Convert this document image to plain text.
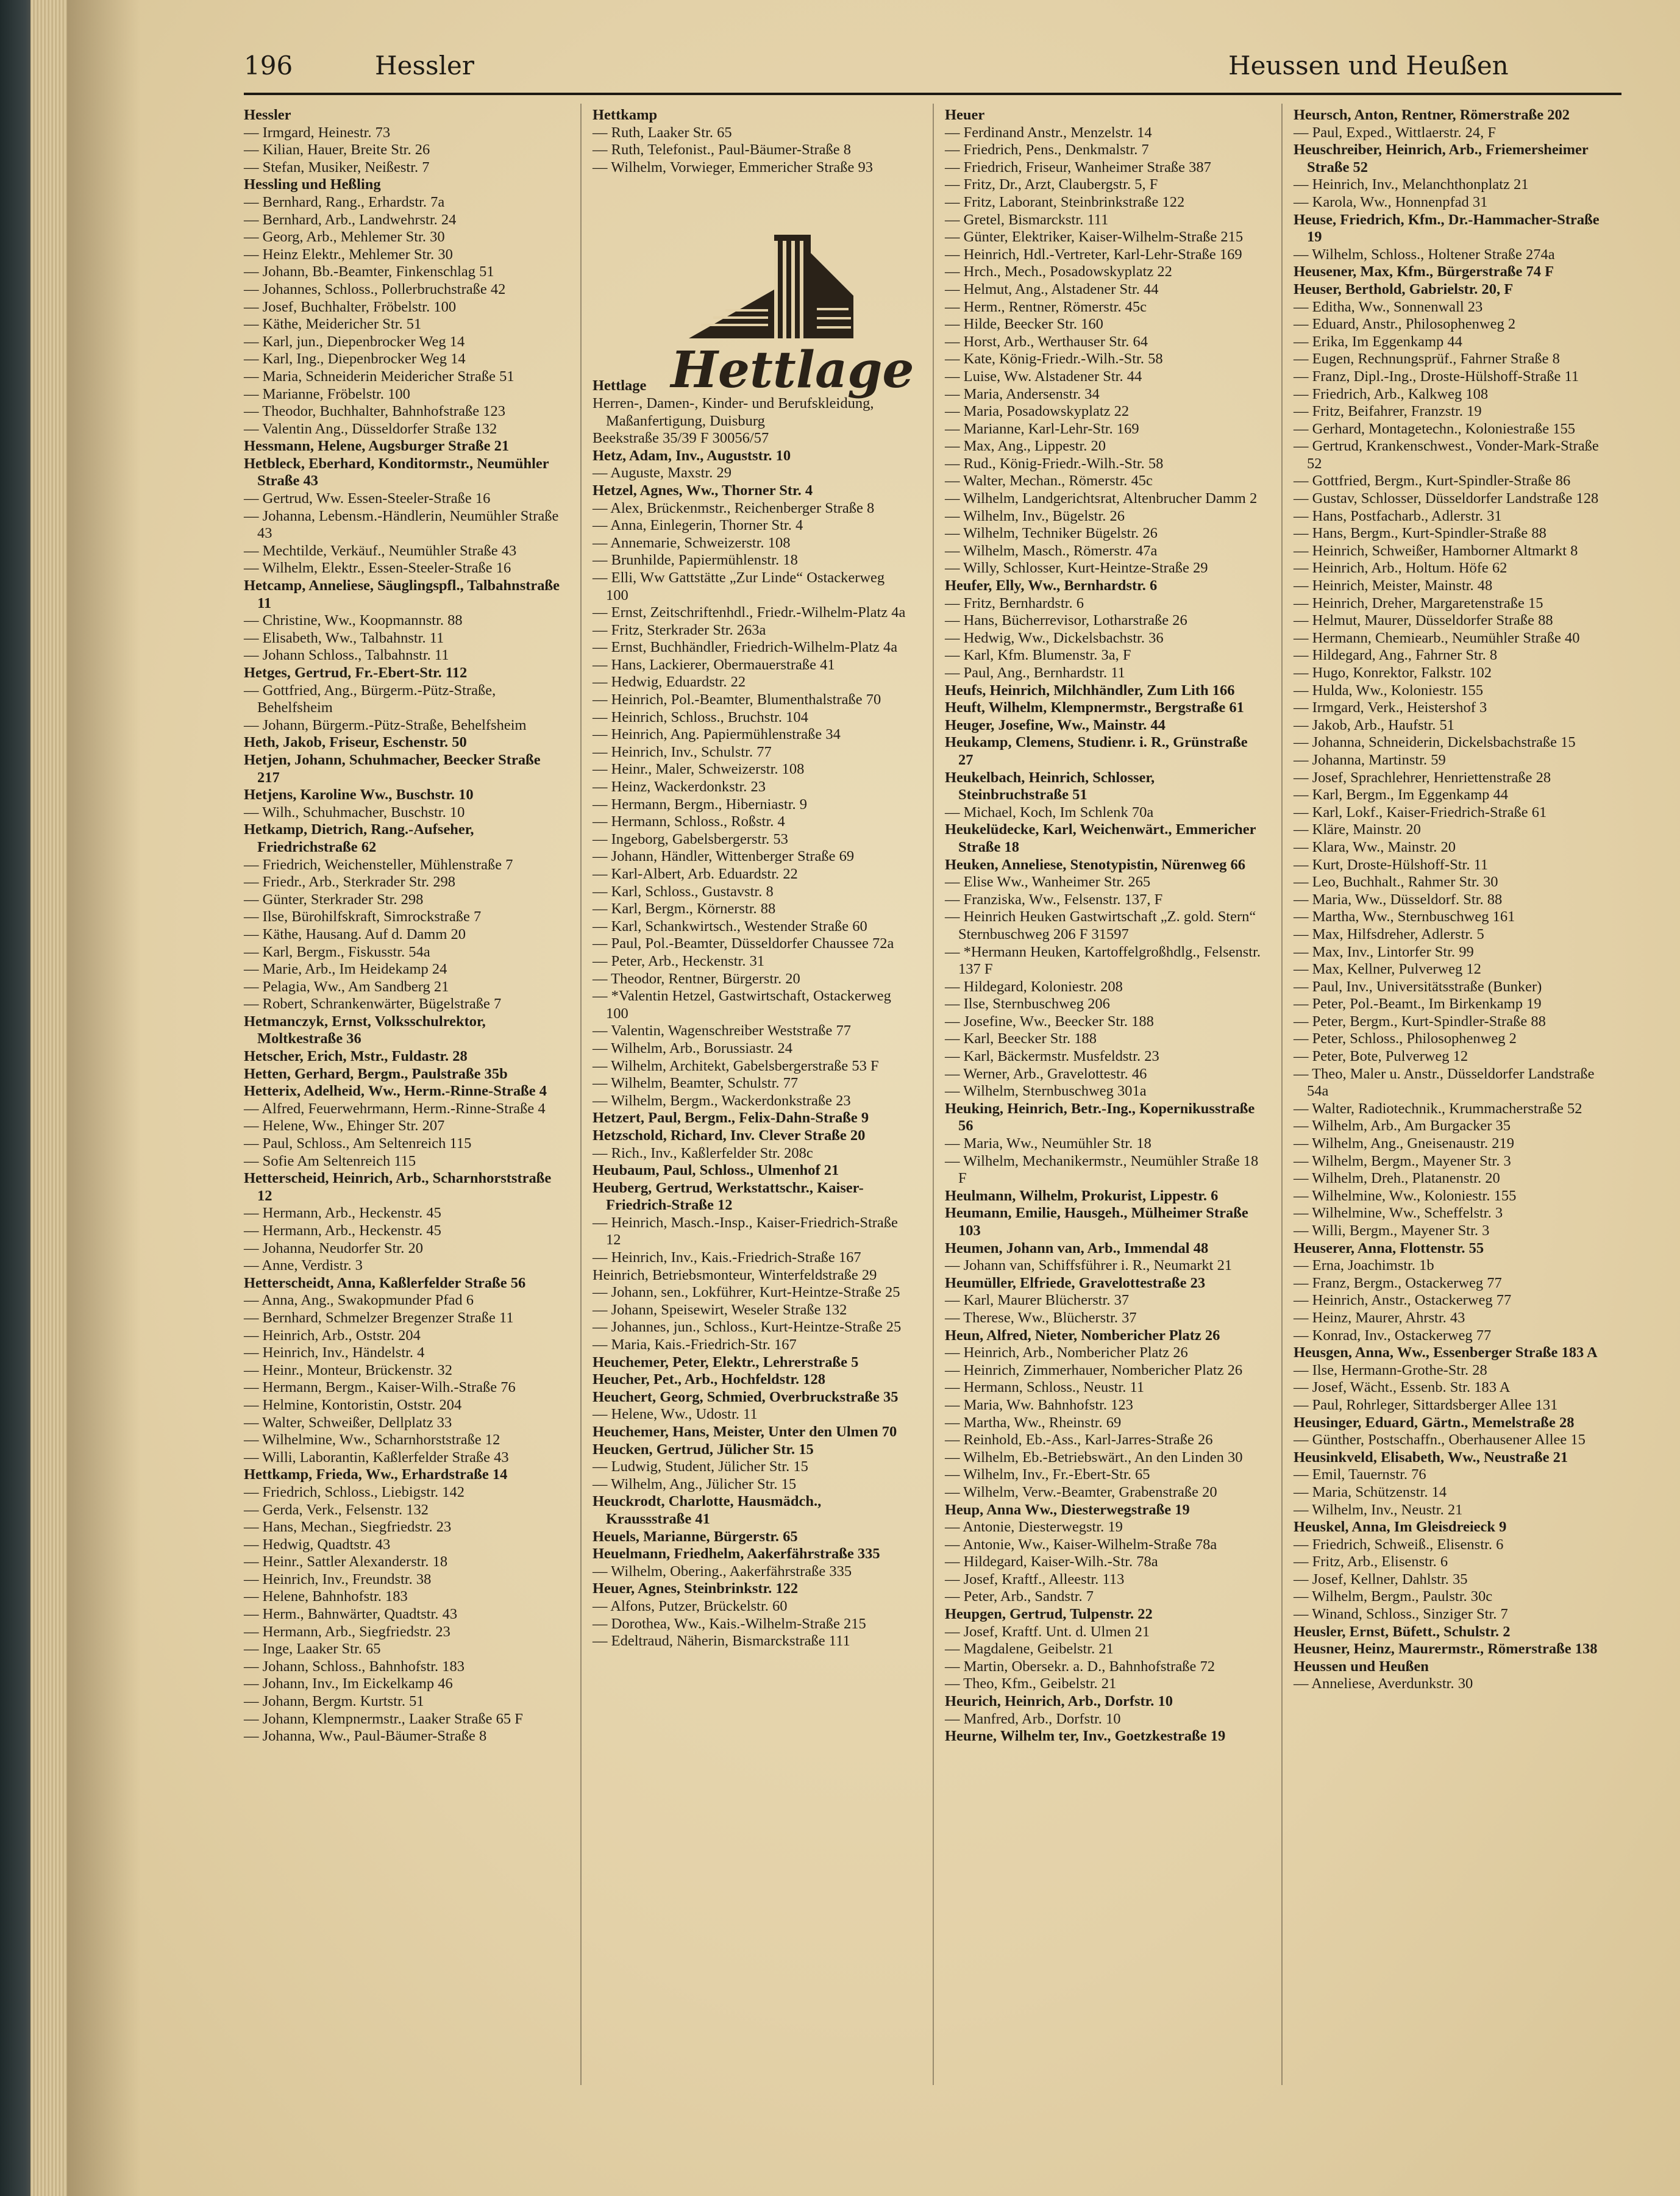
196	Hessler	Heussen und Heußen

Hessler

— Irmgard, Heinestr. 73

— Kilian, Hauer, Breite Str. 26

— Stefan, Musiker, Neißestr. 7

Hessling und Heßling

— Bernhard, Rang., Erhardstr. 7a

— Bernhard, Arb., Landwehrstr. 24

— Georg, Arb., Mehlemer Str. 30

— Heinz Elektr., Mehlemer Str. 30

— Johann, Bb.-Beamter, Finkenschlag 51

— Johannes, Schloss., Pollerbruchstraße 42

— Josef, Buchhalter, Fröbelstr. 100

— Käthe, Meidericher Str. 51

— Karl, jun., Diepenbrocker Weg 14

— Karl, Ing., Diepenbrocker Weg 14

— Maria, Schneiderin Meidericher Straße 51

— Marianne, Fröbelstr. 100

— Theodor, Buchhalter, Bahnhofstraße 123

— Valentin Ang., Düsseldorfer Straße 132

Hessmann, Helene, Augsburger Straße 21

Hetbleck, Eberhard, Konditormstr., Neumühler Straße 43

— Gertrud, Ww. Essen-Steeler-Straße 16

— Johanna, Lebensm.-Händlerin, Neumühler Straße 43

— Mechtilde, Verkäuf., Neumühler Straße 43

— Wilhelm, Elektr., Essen-Steeler-Straße 16

Hetcamp, Anneliese, Säuglingspfl., Talbahnstraße 11

— Christine, Ww., Koopmannstr. 88

— Elisabeth, Ww., Talbahnstr. 11

— Johann Schloss., Talbahnstr. 11

Hetges, Gertrud, Fr.-Ebert-Str. 112

— Gottfried, Ang., Bürgerm.-Pütz-Straße, Behelfsheim

— Johann, Bürgerm.-Pütz-Straße, Behelfsheim

Heth, Jakob, Friseur, Eschenstr. 50

Hetjen, Johann, Schuhmacher, Beecker Straße 217

Hetjens, Karoline Ww., Buschstr. 10

— Wilh., Schuhmacher, Buschstr. 10

Hetkamp, Dietrich, Rang.-Aufseher, Friedrichstraße 62

— Friedrich, Weichensteller, Mühlenstraße 7

— Friedr., Arb., Sterkrader Str. 298

— Günter, Sterkrader Str. 298

— Ilse, Bürohilfskraft, Simrockstraße 7

— Käthe, Hausang. Auf d. Damm 20

— Karl, Bergm., Fiskusstr. 54a

— Marie, Arb., Im Heidekamp 24

— Pelagia, Ww., Am Sandberg 21

— Robert, Schrankenwärter, Bügelstraße 7

Hetmanczyk, Ernst, Volksschulrektor, Moltkestraße 36

Hetscher, Erich, Mstr., Fuldastr. 28

Hetten, Gerhard, Bergm., Paulstraße 35b

Hetterix, Adelheid, Ww., Herm.-Rinne-Straße 4

— Alfred, Feuerwehrmann, Herm.-Rinne-Straße 4

— Helene, Ww., Ehinger Str. 207

— Paul, Schloss., Am Seltenreich 115

— Sofie Am Seltenreich 115

Hetterscheid, Heinrich, Arb., Scharnhorststraße 12

— Hermann, Arb., Heckenstr. 45

— Hermann, Arb., Heckenstr. 45

— Johanna, Neudorfer Str. 20

— Anne, Verdistr. 3

Hetterscheidt, Anna, Kaßlerfelder Straße 56

— Anna, Ang., Swakopmunder Pfad 6

— Bernhard, Schmelzer Bregenzer Straße 11

— Heinrich, Arb., Oststr. 204

— Heinrich, Inv., Händelstr. 4

— Heinr., Monteur, Brückenstr. 32

— Hermann, Bergm., Kaiser-Wilh.-Straße 76

— Helmine, Kontoristin, Oststr. 204

— Walter, Schweißer, Dellplatz 33

— Wilhelmine, Ww., Scharnhorststraße 12

— Willi, Laborantin, Kaßlerfelder Straße 43

Hettkamp, Frieda, Ww., Erhardstraße 14

— Friedrich, Schloss., Liebigstr. 142

— Gerda, Verk., Felsenstr. 132

— Hans, Mechan., Siegfriedstr. 23

— Hedwig, Quadtstr. 43

— Heinr., Sattler Alexanderstr. 18

— Heinrich, Inv., Freundstr. 38

— Helene, Bahnhofstr. 183

— Herm., Bahnwärter, Quadtstr. 43

— Hermann, Arb., Siegfriedstr. 23

— Inge, Laaker Str. 65

— Johann, Schloss., Bahnhofstr. 183

— Johann, Inv., Im Eickelkamp 46

— Johann, Bergm. Kurtstr. 51

— Johann, Klempnermstr., Laaker Straße 65 F

— Johanna, Ww., Paul-Bäumer-Straße 8

Hettkamp

— Ruth, Laaker Str. 65

— Ruth, Telefonist., Paul-Bäumer-Straße 8

— Wilhelm, Vorwieger, Emmericher Straße 93

Hettlage

Herren-, Damen-, Kinder- und Berufskleidung, Maßanfertigung, Duisburg

Beekstraße 35/39 F 30056/57

Hetz, Adam, Inv., Auguststr. 10

— Auguste, Maxstr. 29

Hetzel, Agnes, Ww., Thorner Str. 4

— Alex, Brückenmstr., Reichenberger Straße 8

— Anna, Einlegerin, Thorner Str. 4

— Annemarie, Schweizerstr. 108

— Brunhilde, Papiermühlenstr. 18

— Elli, Ww Gattstätte „Zur Linde“ Ostackerweg 100

— Ernst, Zeitschriftenhdl., Friedr.-Wilhelm-Platz 4a

— Fritz, Sterkrader Str. 263a

— Ernst, Buchhändler, Friedrich-Wilhelm-Platz 4a

— Hans, Lackierer, Obermauerstraße 41

— Hedwig, Eduardstr. 22

— Heinrich, Pol.-Beamter, Blumenthalstraße 70

— Heinrich, Schloss., Bruchstr. 104

— Heinrich, Ang. Papiermühlenstraße 34

— Heinrich, Inv., Schulstr. 77

— Heinr., Maler, Schweizerstr. 108

— Heinz, Wackerdonkstr. 23

— Hermann, Bergm., Hiberniastr. 9

— Hermann, Schloss., Roßstr. 4

— Ingeborg, Gabelsbergerstr. 53

— Johann, Händler, Wittenberger Straße 69

— Karl-Albert, Arb. Eduardstr. 22

— Karl, Schloss., Gustavstr. 8

— Karl, Bergm., Körnerstr. 88

— Karl, Schankwirtsch., Westender Straße 60

— Paul, Pol.-Beamter, Düsseldorfer Chaussee 72a

— Peter, Arb., Heckenstr. 31

— Theodor, Rentner, Bürgerstr. 20

— *Valentin Hetzel, Gastwirtschaft, Ostackerweg 100

— Valentin, Wagenschreiber Weststraße 77

— Wilhelm, Arb., Borussiastr. 24

— Wilhelm, Architekt, Gabelsbergerstraße 53 F

— Wilhelm, Beamter, Schulstr. 77

— Wilhelm, Bergm., Wackerdonkstraße 23

Hetzert, Paul, Bergm., Felix-Dahn-Straße 9

Hetzschold, Richard, Inv. Clever Straße 20

— Rich., Inv., Kaßlerfelder Str. 208c

Heubaum, Paul, Schloss., Ulmenhof 21

Heuberg, Gertrud, Werkstattschr., Kaiser-Friedrich-Straße 12

— Heinrich, Masch.-Insp., Kaiser-Friedrich-Straße 12

— Heinrich, Inv., Kais.-Friedrich-Straße 167

Heinrich, Betriebsmonteur, Winterfeldstraße 29

— Johann, sen., Lokführer, Kurt-Heintze-Straße 25

— Johann, Speisewirt, Weseler Straße 132

— Johannes, jun., Schloss., Kurt-Heintze-Straße 25

— Maria, Kais.-Friedrich-Str. 167

Heuchemer, Peter, Elektr., Lehrerstraße 5

Heucher, Pet., Arb., Hochfeldstr. 128

Heuchert, Georg, Schmied, Overbruckstraße 35

— Helene, Ww., Udostr. 11

Heuchemer, Hans, Meister, Unter den Ulmen 70

Heucken, Gertrud, Jülicher Str. 15

— Ludwig, Student, Jülicher Str. 15

— Wilhelm, Ang., Jülicher Str. 15

Heuckrodt, Charlotte, Hausmädch., Kraussstraße 41

Heuels, Marianne, Bürgerstr. 65

Heuelmann, Friedhelm, Aakerfährstraße 335

— Wilhelm, Obering., Aakerfährstraße 335

Heuer, Agnes, Steinbrinkstr. 122

— Alfons, Putzer, Brückelstr. 60

— Dorothea, Ww., Kais.-Wilhelm-Straße 215

— Edeltraud, Näherin, Bismarckstraße 111

Heuer

— Ferdinand Anstr., Menzelstr. 14

— Friedrich, Pens., Denkmalstr. 7

— Friedrich, Friseur, Wanheimer Straße 387

— Fritz, Dr., Arzt, Claubergstr. 5, F

— Fritz, Laborant, Steinbrinkstraße 122

— Gretel, Bismarckstr. 111

— Günter, Elektriker, Kaiser-Wilhelm-Straße 215

— Heinrich, Hdl.-Vertreter, Karl-Lehr-Straße 169

— Hrch., Mech., Posadowskyplatz 22

— Helmut, Ang., Alstadener Str. 44

— Herm., Rentner, Römerstr. 45c

— Hilde, Beecker Str. 160

— Horst, Arb., Werthauser Str. 64

— Kate, König-Friedr.-Wilh.-Str. 58

— Luise, Ww. Alstadener Str. 44

— Maria, Andersenstr. 34

— Maria, Posadowskyplatz 22

— Marianne, Karl-Lehr-Str. 169

— Max, Ang., Lippestr. 20

— Rud., König-Friedr.-Wilh.-Str. 58

— Walter, Mechan., Römerstr. 45c

— Wilhelm, Landgerichtsrat, Altenbrucher Damm 2

— Wilhelm, Inv., Bügelstr. 26

— Wilhelm, Techniker Bügelstr. 26

— Wilhelm, Masch., Römerstr. 47a

— Willy, Schlosser, Kurt-Heintze-Straße 29

Heufer, Elly, Ww., Bernhardstr. 6

— Fritz, Bernhardstr. 6

— Hans, Bücherrevisor, Lotharstraße 26

— Hedwig, Ww., Dickelsbachstr. 36

— Karl, Kfm. Blumenstr. 3a, F

— Paul, Ang., Bernhardstr. 11

Heufs, Heinrich, Milchhändler, Zum Lith 166

Heuft, Wilhelm, Klempnermstr., Bergstraße 61

Heuger, Josefine, Ww., Mainstr. 44

Heukamp, Clemens, Studienr. i. R., Grünstraße 27

Heukelbach, Heinrich, Schlosser, Steinbruchstraße 51

— Michael, Koch, Im Schlenk 70a

Heukelüdecke, Karl, Weichenwärt., Emmericher Straße 18

Heuken, Anneliese, Stenotypistin, Nürenweg 66

— Elise Ww., Wanheimer Str. 265

— Franziska, Ww., Felsenstr. 137, F

— Heinrich Heuken Gastwirtschaft „Z. gold. Stern“ Sternbuschweg 206 F 31597

— *Hermann Heuken, Kartoffelgroßhdlg., Felsenstr. 137 F

— Hildegard, Koloniestr. 208

— Ilse, Sternbuschweg 206

— Josefine, Ww., Beecker Str. 188

— Karl, Beecker Str. 188

— Karl, Bäckermstr. Musfeldstr. 23

— Werner, Arb., Gravelottestr. 46

— Wilhelm, Sternbuschweg 301a

Heuking, Heinrich, Betr.-Ing., Kopernikusstraße 56

— Maria, Ww., Neumühler Str. 18

— Wilhelm, Mechanikermstr., Neumühler Straße 18 F

Heulmann, Wilhelm, Prokurist, Lippestr. 6

Heumann, Emilie, Hausgeh., Mülheimer Straße 103

Heumen, Johann van, Arb., Immendal 48

— Johann van, Schiffsführer i. R., Neumarkt 21

Heumüller, Elfriede, Gravelottestraße 23

— Karl, Maurer Blücherstr. 37

— Therese, Ww., Blücherstr. 37

Heun, Alfred, Nieter, Nombericher Platz 26

— Heinrich, Arb., Nombericher Platz 26

— Heinrich, Zimmerhauer, Nombericher Platz 26

— Hermann, Schloss., Neustr. 11

— Maria, Ww. Bahnhofstr. 123

— Martha, Ww., Rheinstr. 69

— Reinhold, Eb.-Ass., Karl-Jarres-Straße 26

— Wilhelm, Eb.-Betriebswärt., An den Linden 30

— Wilhelm, Inv., Fr.-Ebert-Str. 65

— Wilhelm, Verw.-Beamter, Grabenstraße 20

Heup, Anna Ww., Diesterwegstraße 19

— Antonie, Diesterwegstr. 19

— Antonie, Ww., Kaiser-Wilhelm-Straße 78a

— Hildegard, Kaiser-Wilh.-Str. 78a

— Josef, Kraftf., Alleestr. 113

— Peter, Arb., Sandstr. 7

Heupgen, Gertrud, Tulpenstr. 22

— Josef, Kraftf. Unt. d. Ulmen 21

— Magdalene, Geibelstr. 21

— Martin, Obersekr. a. D., Bahnhofstraße 72

— Theo, Kfm., Geibelstr. 21

Heurich, Heinrich, Arb., Dorfstr. 10

— Manfred, Arb., Dorfstr. 10

Heurne, Wilhelm ter, Inv., Goetzkestraße 19

Heursch, Anton, Rentner, Römerstraße 202

— Paul, Exped., Wittlaerstr. 24, F

Heuschreiber, Heinrich, Arb., Friemersheimer Straße 52

— Heinrich, Inv., Melanchthonplatz 21

— Karola, Ww., Honnenpfad 31

Heuse, Friedrich, Kfm., Dr.-Hammacher-Straße 19

— Wilhelm, Schloss., Holtener Straße 274a

Heusener, Max, Kfm., Bürgerstraße 74 F

Heuser, Berthold, Gabrielstr. 20, F

— Editha, Ww., Sonnenwall 23

— Eduard, Anstr., Philosophenweg 2

— Erika, Im Eggenkamp 44

— Eugen, Rechnungsprüf., Fahrner Straße 8

— Franz, Dipl.-Ing., Droste-Hülshoff-Straße 11

— Friedrich, Arb., Kalkweg 108

— Fritz, Beifahrer, Franzstr. 19

— Gerhard, Montagetechn., Koloniestraße 155

— Gertrud, Krankenschwest., Vonder-Mark-Straße 52

— Gottfried, Bergm., Kurt-Spindler-Straße 86

— Gustav, Schlosser, Düsseldorfer Landstraße 128

— Hans, Postfacharb., Adlerstr. 31

— Hans, Bergm., Kurt-Spindler-Straße 88

— Heinrich, Schweißer, Hamborner Altmarkt 8

— Heinrich, Arb., Holtum. Höfe 62

— Heinrich, Meister, Mainstr. 48

— Heinrich, Dreher, Margaretenstraße 15

— Helmut, Maurer, Düsseldorfer Straße 88

— Hermann, Chemiearb., Neumühler Straße 40

— Hildegard, Ang., Fahrner Str. 8

— Hugo, Konrektor, Falkstr. 102

— Hulda, Ww., Koloniestr. 155

— Irmgard, Verk., Heistershof 3

— Jakob, Arb., Haufstr. 51

— Johanna, Schneiderin, Dickelsbachstraße 15

— Johanna, Martinstr. 59

— Josef, Sprachlehrer, Henriettenstraße 28

— Karl, Bergm., Im Eggenkamp 44

— Karl, Lokf., Kaiser-Friedrich-Straße 61

— Kläre, Mainstr. 20

— Klara, Ww., Mainstr. 20

— Kurt, Droste-Hülshoff-Str. 11

— Leo, Buchhalt., Rahmer Str. 30

— Maria, Ww., Düsseldorf. Str. 88

— Martha, Ww., Sternbuschweg 161

— Max, Hilfsdreher, Adlerstr. 5

— Max, Inv., Lintorfer Str. 99

— Max, Kellner, Pulverweg 12

— Paul, Inv., Universitätsstraße (Bunker)

— Peter, Pol.-Beamt., Im Birkenkamp 19

— Peter, Bergm., Kurt-Spindler-Straße 88

— Peter, Schloss., Philosophenweg 2

— Peter, Bote, Pulverweg 12

— Theo, Maler u. Anstr., Düsseldorfer Landstraße 54a

— Walter, Radiotechnik., Krummacherstraße 52

— Wilhelm, Arb., Am Burgacker 35

— Wilhelm, Ang., Gneisenaustr. 219

— Wilhelm, Bergm., Mayener Str. 3

— Wilhelm, Dreh., Platanenstr. 20

— Wilhelmine, Ww., Koloniestr. 155

— Wilhelmine, Ww., Scheffelstr. 3

— Willi, Bergm., Mayener Str. 3

Heuserer, Anna, Flottenstr. 55

— Erna, Joachimstr. 1b

— Franz, Bergm., Ostackerweg 77

— Heinrich, Anstr., Ostackerweg 77

— Heinz, Maurer, Ahrstr. 43

— Konrad, Inv., Ostackerweg 77

Heusgen, Anna, Ww., Essenberger Straße 183 A

— Ilse, Hermann-Grothe-Str. 28

— Josef, Wächt., Essenb. Str. 183 A

— Paul, Rohrleger, Sittardsberger Allee 131

Heusinger, Eduard, Gärtn., Memelstraße 28

— Günther, Postschaffn., Oberhausener Allee 15

Heusinkveld, Elisabeth, Ww., Neustraße 21

— Emil, Tauernstr. 76

— Maria, Schützenstr. 14

— Wilhelm, Inv., Neustr. 21

Heuskel, Anna, Im Gleisdreieck 9

— Friedrich, Schweiß., Elisenstr. 6

— Fritz, Arb., Elisenstr. 6

— Josef, Kellner, Dahlstr. 35

— Wilhelm, Bergm., Paulstr. 30c

— Winand, Schloss., Sinziger Str. 7

Heusler, Ernst, Büfett., Schulstr. 2

Heusner, Heinz, Maurermstr., Römerstraße 138

Heussen und Heußen

— Anneliese, Averdunkstr. 30

Hettlage
